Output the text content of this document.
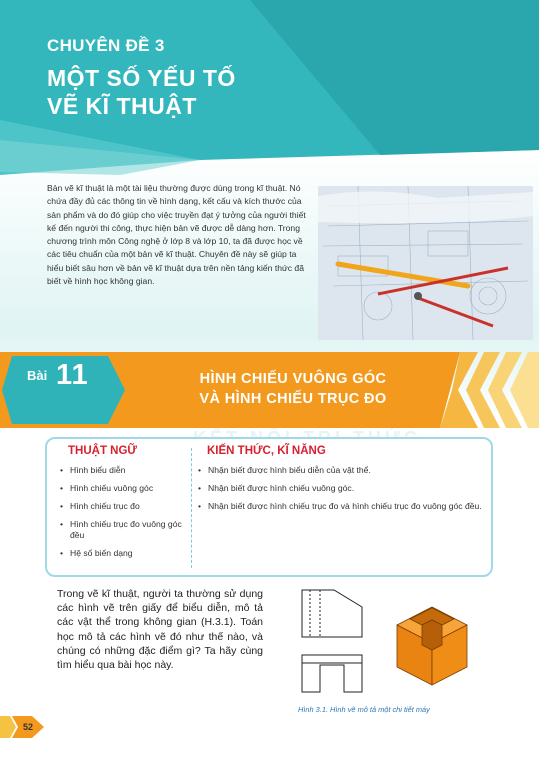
CHUYÊN ĐỀ 3
MỘT SỐ YẾU TỐ
VẼ KĨ THUẬT
Bản vẽ kĩ thuật là một tài liệu thường được dùng trong kĩ thuật. Nó chứa đầy đủ các thông tin về hình dạng, kết cấu và kích thước của sản phẩm và do đó giúp cho việc truyền đạt ý tưởng của người thiết kế đến người thi công, thực hiện bản vẽ được dễ dàng hơn. Trong chương trình môn Công nghệ ở lớp 8 và lớp 10, ta đã được học về các tiêu chuẩn của một bản vẽ kĩ thuật. Chuyên đề này sẽ giúp ta hiểu biết sâu hơn về bản vẽ kĩ thuật dựa trên nền tảng kiến thức đã biết về hình học không gian.
Bài 11	HÌNH CHIẾU VUÔNG GÓC
VÀ HÌNH CHIẾU TRỤC ĐO
THUẬT NGỮ
• Hình biểu diễn
• Hình chiếu vuông góc
• Hình chiếu trục đo
• Hình chiếu trục đo vuông góc đều
• Hệ số biến dạng
KIẾN THỨC, KĨ NĂNG
• Nhận biết được hình biểu diễn của vật thể.
• Nhận biết được hình chiếu vuông góc.
• Nhận biết được hình chiếu trục đo và hình chiếu trục đo vuông góc đều.
Trong vẽ kĩ thuật, người ta thường sử dụng các hình vẽ trên giấy để biểu diễn, mô tả các vật thể trong không gian (H.3.1). Toán học mô tả các hình vẽ đó như thế nào, và chúng có những đặc điểm gì? Ta hãy cùng tìm hiểu qua bài học này.
Hình 3.1. Hình vẽ mô tả một chi tiết máy
52
